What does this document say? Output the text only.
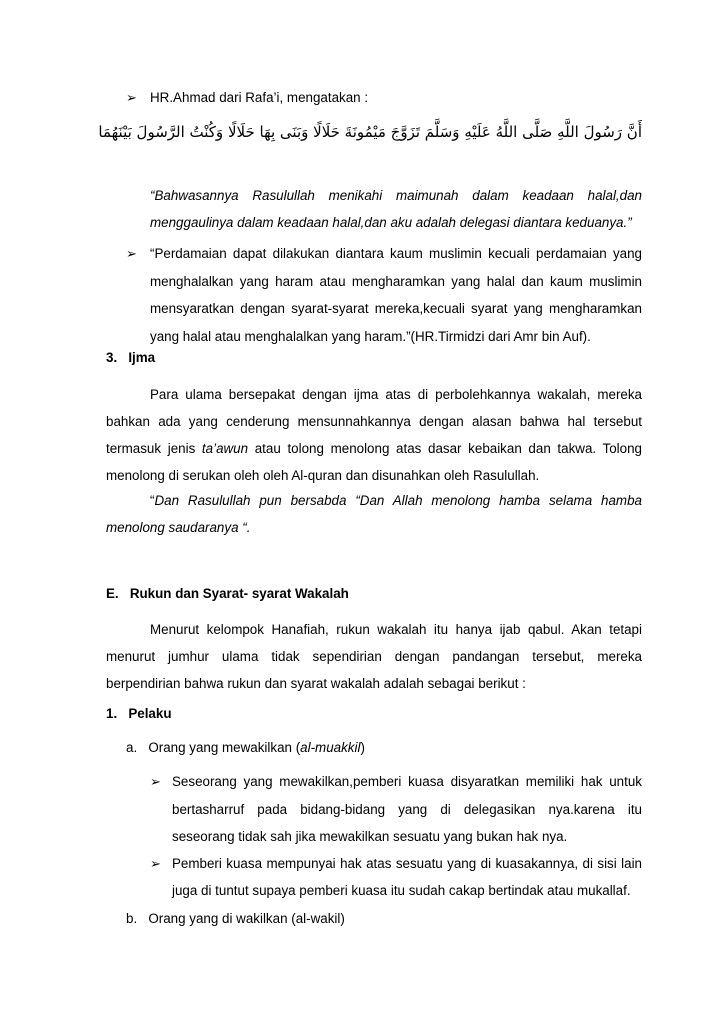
➢ HR.Ahmad dari Rafa’i, mengatakan :
أَنَّ رَسُولَ اللَّهِ صَلَّى اللَّهُ عَلَيْهِ وَسَلَّمَ تَزَوَّجَ مَيْمُونَةَ حَلَالًا وَبَنَى بِهَا حَلَالًا وَكُنْتُ الرَّسُولَ بَيْنَهُمَا
“Bahwasannya Rasulullah menikahi maimunah dalam keadaan halal,dan menggaulinya dalam keadaan halal,dan aku adalah delegasi diantara keduanya.”
➢ “Perdamaian dapat dilakukan diantara kaum muslimin kecuali perdamaian yang menghalalkan yang haram atau mengharamkan yang halal dan kaum muslimin mensyaratkan dengan syarat-syarat mereka,kecuali syarat yang mengharamkan yang halal atau menghalalkan yang haram.”(HR.Tirmidzi dari Amr bin Auf).
3.   Ijma
Para ulama bersepakat dengan ijma atas di perbolehkannya wakalah, mereka bahkan ada yang cenderung mensunnahkannya dengan alasan bahwa hal tersebut termasuk jenis ta’awun atau tolong menolong atas dasar kebaikan dan takwa. Tolong menolong di serukan oleh oleh Al-quran dan disunahkan oleh Rasulullah.
“Dan Rasulullah pun bersabda “Dan Allah menolong hamba selama hamba menolong saudaranya “.
E.   Rukun dan Syarat- syarat Wakalah
Menurut kelompok Hanafiah, rukun wakalah itu hanya ijab qabul. Akan tetapi menurut jumhur ulama tidak sependirian dengan pandangan tersebut, mereka berpendirian bahwa rukun dan syarat wakalah adalah sebagai berikut :
1.   Pelaku
a.   Orang yang mewakilkan (al-muakkil)
➢ Seseorang yang mewakilkan,pemberi kuasa disyaratkan memiliki hak untuk bertasharruf pada bidang-bidang yang di delegasikan nya.karena itu seseorang tidak sah jika mewakilkan sesuatu yang bukan hak nya.
➢ Pemberi kuasa mempunyai hak atas sesuatu yang di kuasakannya, di sisi lain juga di tuntut supaya pemberi kuasa itu sudah cakap bertindak atau mukallaf.
b.   Orang yang di wakilkan (al-wakil)
